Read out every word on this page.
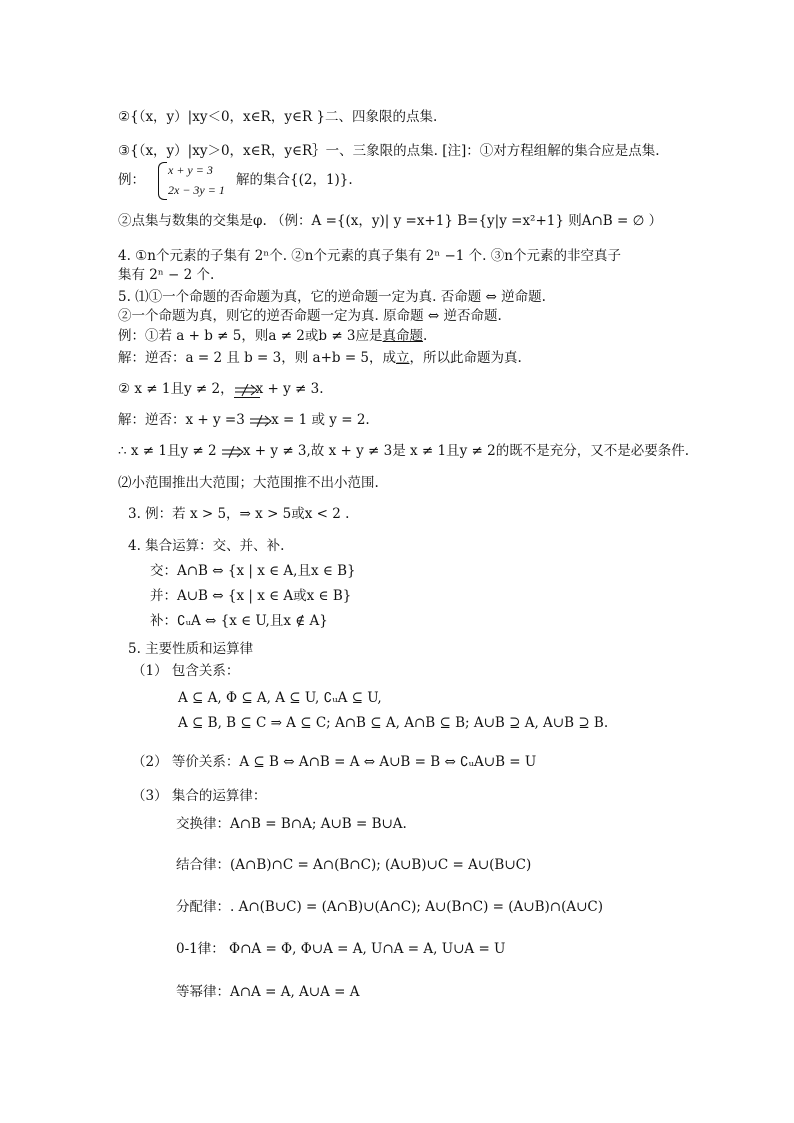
②{（x，y）|xy＜0，x∈R，y∈R }二、四象限的点集.
③{（x，y）|xy＞0，x∈R，y∈R｝一、三象限的点集. [注]：①对方程组解的集合应是点集.
例：
x + y = 3
2x − 3y = 1
解的集合{(2，1)}.
②点集与数集的交集是φ. （例：A ={(x，y)| y =x+1} B={y|y =x²+1} 则A∩B = ∅ ）
4. ①n个元素的子集有 2ⁿ个. ②n个元素的真子集有 2ⁿ −1 个. ③n个元素的非空真子
集有 2ⁿ − 2 个.
5. ⑴①一个命题的否命题为真，它的逆命题一定为真. 否命题 ⇔ 逆命题.
②一个命题为真，则它的逆否命题一定为真. 原命题 ⇔ 逆否命题.
例：①若 a + b ≠ 5，则a ≠ 2或b ≠ 3应是真命题.
解：逆否：a = 2 且 b = 3，则 a+b = 5，成立，所以此命题为真.
② x ≠ 1且y ≠ 2， x + y ≠ 3.
解：逆否：x + y =3
x = 1 或 y = 2.
∴ x ≠ 1且y ≠ 2
x + y ≠ 3,故 x + y ≠ 3是 x ≠ 1且y ≠ 2的既不是充分，又不是必要条件.
⑵小范围推出大范围；大范围推不出小范围.
3. 例：若 x > 5，⇒ x > 5或x < 2 .
4. 集合运算：交、并、补.
交：A∩B ⇔ {x | x ∈ A,且x ∈ B}
并：A∪B ⇔ {x | x ∈ A或x ∈ B}
补：∁ᵤA ⇔ {x ∈ U,且x ∉ A}
5. 主要性质和运算律
（1） 包含关系：
A ⊆ A, Φ ⊆ A, A ⊆ U, ∁ᵤA ⊆ U,
A ⊆ B, B ⊆ C ⇒ A ⊆ C; A∩B ⊆ A, A∩B ⊆ B; A∪B ⊇ A, A∪B ⊇ B.
（2） 等价关系：A ⊆ B ⇔ A∩B = A ⇔ A∪B = B ⇔ ∁ᵤA∪B = U
（3） 集合的运算律：
交换律：A∩B = B∩A; A∪B = B∪A.
结合律：(A∩B)∩C = A∩(B∩C); (A∪B)∪C = A∪(B∪C)
分配律：. A∩(B∪C) = (A∩B)∪(A∩C); A∪(B∩C) = (A∪B)∩(A∪C)
0-1律： Φ∩A = Φ, Φ∪A = A, U∩A = A, U∪A = U
等幂律：A∩A = A, A∪A = A
